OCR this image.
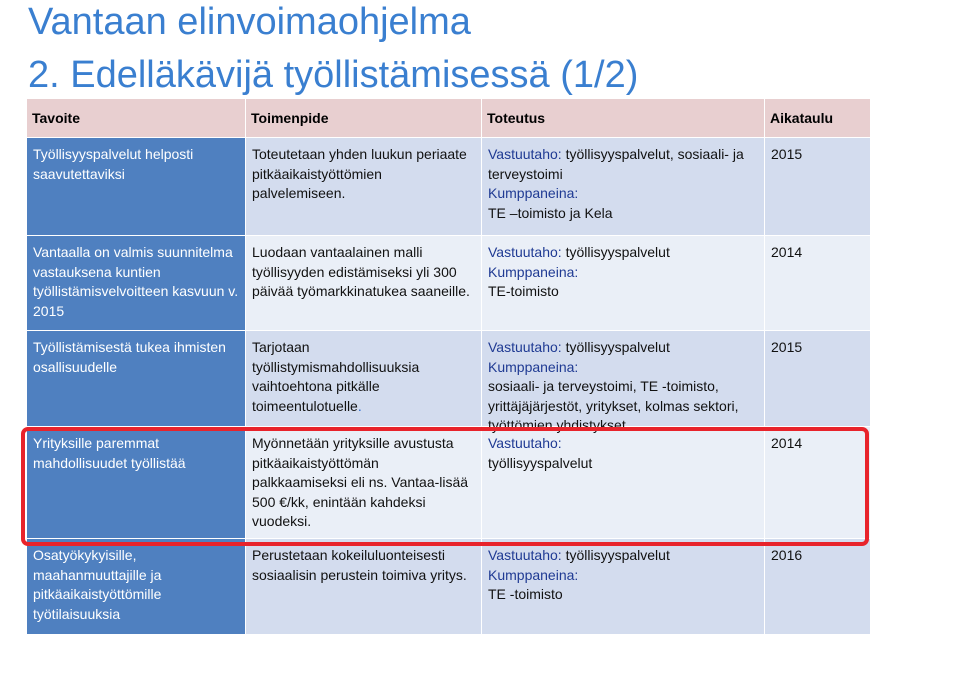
Vantaan elinvoimaohjelma
2. Edelläkävijä työllistämisessä (1/2)
Tavoite	Toimenpide	Toteutus	Aikataulu
Työllisyyspalvelut helposti saavutettaviksi	Toteutetaan yhden luukun periaate pitkäaikaistyöttömien palvelemiseen.	Vastuutaho: työllisyyspalvelut, sosiaali- ja terveystoimi
Kumppaneina:
TE –toimisto ja Kela	2015
Vantaalla on valmis suunnitelma vastauksena kuntien työllistämisvelvoitteen kasvuun v. 2015	Luodaan vantaalainen malli työllisyyden edistämiseksi yli 300 päivää työmarkkinatukea saaneille.	Vastuutaho: työllisyyspalvelut
Kumppaneina:
TE-toimisto	2014
Työllistämisestä tukea ihmisten osallisuudelle	Tarjotaan työllistymismahdollisuuksia vaihtoehtona pitkälle toimeentulotuelle.	Vastuutaho: työllisyyspalvelut
Kumppaneina:
sosiaali- ja terveystoimi, TE -toimisto, yrittäjäjärjestöt, yritykset, kolmas sektori, työttömien yhdistykset	2015
Yrityksille paremmat mahdollisuudet työllistää	Myönnetään yrityksille avustusta pitkäaikaistyöttömän palkkaamiseksi eli ns. Vantaa-lisää 500 €/kk, enintään kahdeksi vuodeksi.	Vastuutaho:
työllisyyspalvelut	2014
Osatyökykyisille, maahanmuuttajille ja pitkäaikaistyöttömille työtilaisuuksia	Perustetaan kokeiluluonteisesti sosiaalisin perustein toimiva yritys.	Vastuutaho: työllisyyspalvelut
Kumppaneina:
TE -toimisto	2016
